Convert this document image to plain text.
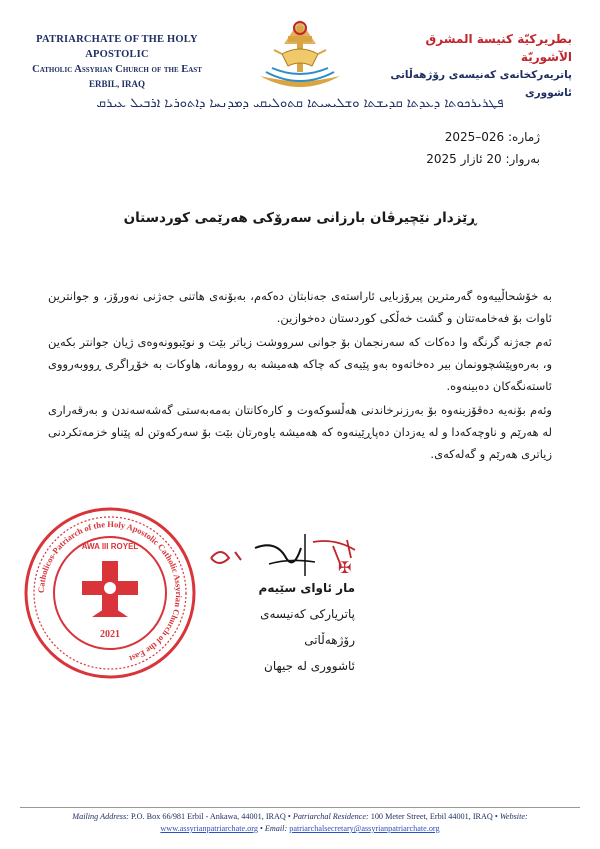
PATRIARCHATE OF THE HOLY APOSTOLIC
Catholic Assyrian Church of the East
ERBIL, IRAQ
بطريركيّة كنيسة المشرق الآشوريّة
پاتریەرکخانەی کەنیسەی رۆژهەڵاتی ئاشووری
ܦܛܪܝܪܟܘܬܐ ܕܥܕܬܐ ܩܕܝܫܬܐ ܘܫܠܝܚܝܬܐ ܩܬܘܠܝܩܝ ܕܡܕܢܚܐ ܕܐܬܘܪܝܐ ܐܪܒܝܠ ܥܝܪܩ
ژمارە: 026–2025
بەروار: 20 ئازار 2025
ڕێزدار نێچیرڤان بارزانی سەرۆکی هەرێمی کوردستان

بە خۆشحاڵییەوە گەرمترین پیرۆزبایی ئاراستەی جەنابتان دەکەم، بەبۆنەی هاتنی جەژنی نەورۆز، و جوانترین ئاوات بۆ فەخامەتتان و گشت خەڵکی کوردستان دەخوازین.

ئەم جەژنە گرنگە وا دەکات کە سەرنجمان بۆ جوانی سرووشت زیاتر بێت و نوێبوونەوەی ژیان جوانتر بکەین و، بەرەوپێشچوونمان بیر دەخاتەوە بەو پێیەی کە چاکە هەمیشە بە روومانە، هاوکات بە خۆڕاگری ڕووبەرووی ئاستەنگەکان دەبینەوە.

وئەم بۆنەیە دەقۆزینەوە بۆ بەرزنرخاندنی هەڵسوکەوت و کارەکانتان بەمەبەستی گەشەسەندن و بەرقەراری لە هەرێم و ناوچەکەدا و لە یەزدان دەپاڕێینەوە کە هەمیشە یاوەرتان بێت بۆ سەرکەوتن لە پێناو خزمەتکردنی زیاتری هەرێم و گەلەکەی.

Catholicos-Patriarch of the Holy Apostolic Catholic Assyrian Church of the East
AWA III ROYEL
2021
✠
مار ئاوای سێیەم
پاتریارکی کەنیسەی رۆژهەڵاتی
ئاشووری لە جیهان
Mailing Address: P.O. Box 66/981 Erbil - Ankawa, 44001, IRAQ • Patriarchal Residence: 100 Meter Street, Erbil 44001, IRAQ • Website:
www.assyrianpatriarchate.org • Email: patriarchalsecretary@assyrianpatriarchate.org
